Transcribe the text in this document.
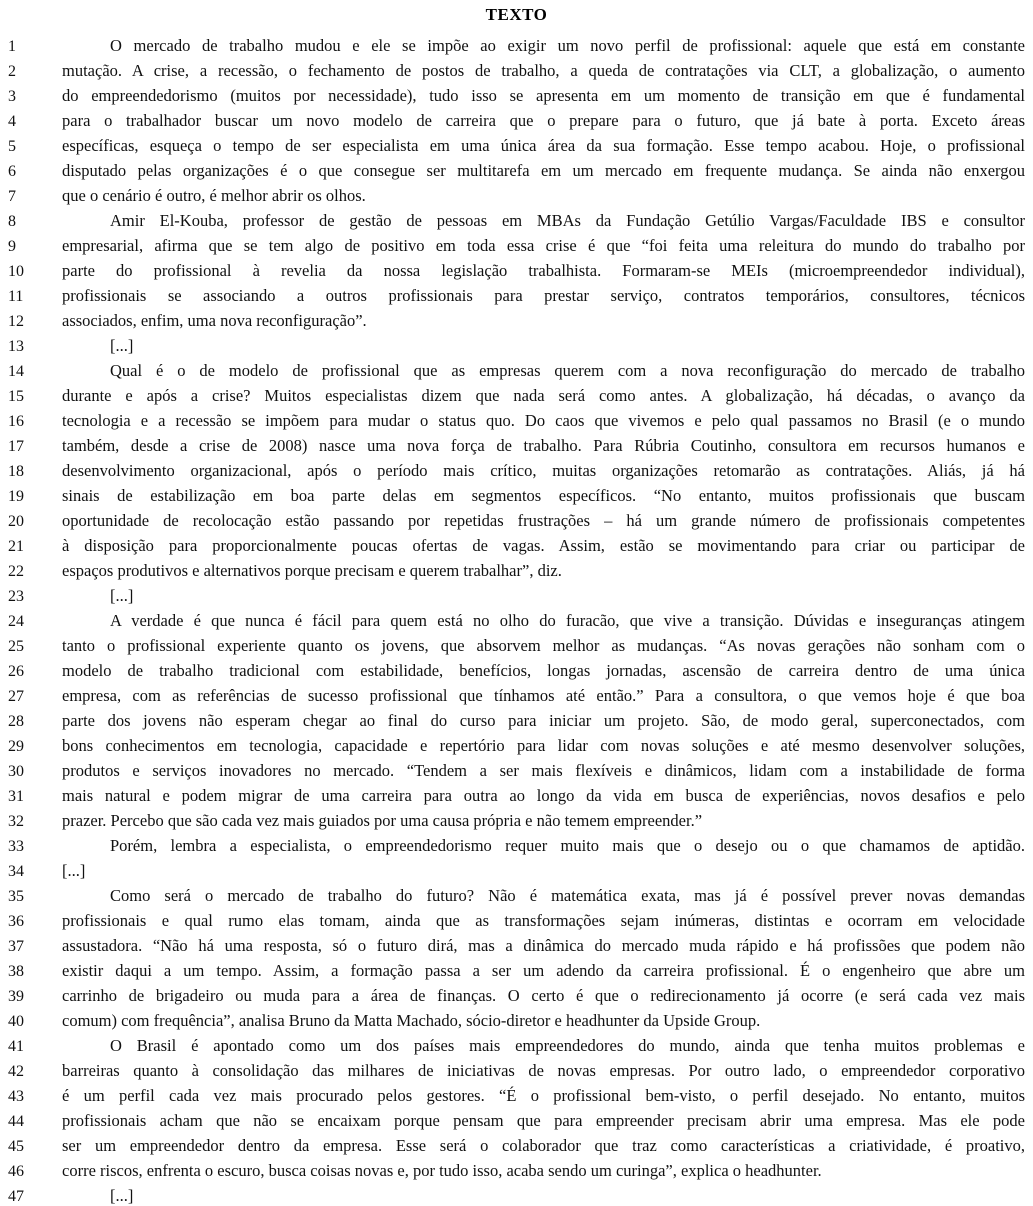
TEXTO
1	O mercado de trabalho mudou e ele se impõe ao exigir um novo perfil de profissional: aquele que está em constante
2	mutação. A crise, a recessão, o fechamento de postos de trabalho, a queda de contratações via CLT, a globalização, o aumento
3	do empreendedorismo (muitos por necessidade), tudo isso se apresenta em um momento de transição em que é fundamental
4	para o trabalhador buscar um novo modelo de carreira que o prepare para o futuro, que já bate à porta. Exceto áreas
5	específicas, esqueça o tempo de ser especialista em uma única área da sua formação. Esse tempo acabou. Hoje, o profissional
6	disputado pelas organizações é o que consegue ser multitarefa em um mercado em frequente mudança. Se ainda não enxergou
7	que o cenário é outro, é melhor abrir os olhos.
8	Amir El-Kouba, professor de gestão de pessoas em MBAs da Fundação Getúlio Vargas/Faculdade IBS e consultor
9	empresarial, afirma que se tem algo de positivo em toda essa crise é que “foi feita uma releitura do mundo do trabalho por
10	parte do profissional à revelia da nossa legislação trabalhista. Formaram-se MEIs (microempreendedor individual),
11	profissionais se associando a outros profissionais para prestar serviço, contratos temporários, consultores, técnicos
12	associados, enfim, uma nova reconfiguração”.
13	[...]
14	Qual é o de modelo de profissional que as empresas querem com a nova reconfiguração do mercado de trabalho
15	durante e após a crise? Muitos especialistas dizem que nada será como antes. A globalização, há décadas, o avanço da
16	tecnologia e a recessão se impõem para mudar o status quo. Do caos que vivemos e pelo qual passamos no Brasil (e o mundo
17	também, desde a crise de 2008) nasce uma nova força de trabalho. Para Rúbria Coutinho, consultora em recursos humanos e
18	desenvolvimento organizacional, após o período mais crítico, muitas organizações retomarão as contratações. Aliás, já há
19	sinais de estabilização em boa parte delas em segmentos específicos. “No entanto, muitos profissionais que buscam
20	oportunidade de recolocação estão passando por repetidas frustrações – há um grande número de profissionais competentes
21	à disposição para proporcionalmente poucas ofertas de vagas. Assim, estão se movimentando para criar ou participar de
22	espaços produtivos e alternativos porque precisam e querem trabalhar”, diz.
23	[...]
24	A verdade é que nunca é fácil para quem está no olho do furacão, que vive a transição. Dúvidas e inseguranças atingem
25	tanto o profissional experiente quanto os jovens, que absorvem melhor as mudanças. “As novas gerações não sonham com o
26	modelo de trabalho tradicional com estabilidade, benefícios, longas jornadas, ascensão de carreira dentro de uma única
27	empresa, com as referências de sucesso profissional que tínhamos até então.” Para a consultora, o que vemos hoje é que boa
28	parte dos jovens não esperam chegar ao final do curso para iniciar um projeto. São, de modo geral, superconectados, com
29	bons conhecimentos em tecnologia, capacidade e repertório para lidar com novas soluções e até mesmo desenvolver soluções,
30	produtos e serviços inovadores no mercado. “Tendem a ser mais flexíveis e dinâmicos, lidam com a instabilidade de forma
31	mais natural e podem migrar de uma carreira para outra ao longo da vida em busca de experiências, novos desafios e pelo
32	prazer. Percebo que são cada vez mais guiados por uma causa própria e não temem empreender.”
33	Porém, lembra a especialista, o empreendedorismo requer muito mais que o desejo ou o que chamamos de aptidão.
34	[...]
35	Como será o mercado de trabalho do futuro? Não é matemática exata, mas já é possível prever novas demandas
36	profissionais e qual rumo elas tomam, ainda que as transformações sejam inúmeras, distintas e ocorram em velocidade
37	assustadora. “Não há uma resposta, só o futuro dirá, mas a dinâmica do mercado muda rápido e há profissões que podem não
38	existir daqui a um tempo. Assim, a formação passa a ser um adendo da carreira profissional. É o engenheiro que abre um
39	carrinho de brigadeiro ou muda para a área de finanças. O certo é que o redirecionamento já ocorre (e será cada vez mais
40	comum) com frequência”, analisa Bruno da Matta Machado, sócio-diretor e headhunter da Upside Group.
41	O Brasil é apontado como um dos países mais empreendedores do mundo, ainda que tenha muitos problemas e
42	barreiras quanto à consolidação das milhares de iniciativas de novas empresas. Por outro lado, o empreendedor corporativo
43	é um perfil cada vez mais procurado pelos gestores. “É o profissional bem-visto, o perfil desejado. No entanto, muitos
44	profissionais acham que não se encaixam porque pensam que para empreender precisam abrir uma empresa. Mas ele pode
45	ser um empreendedor dentro da empresa. Esse será o colaborador que traz como características a criatividade, é proativo,
46	corre riscos, enfrenta o escuro, busca coisas novas e, por tudo isso, acaba sendo um curinga”, explica o headhunter.
47	[...]
